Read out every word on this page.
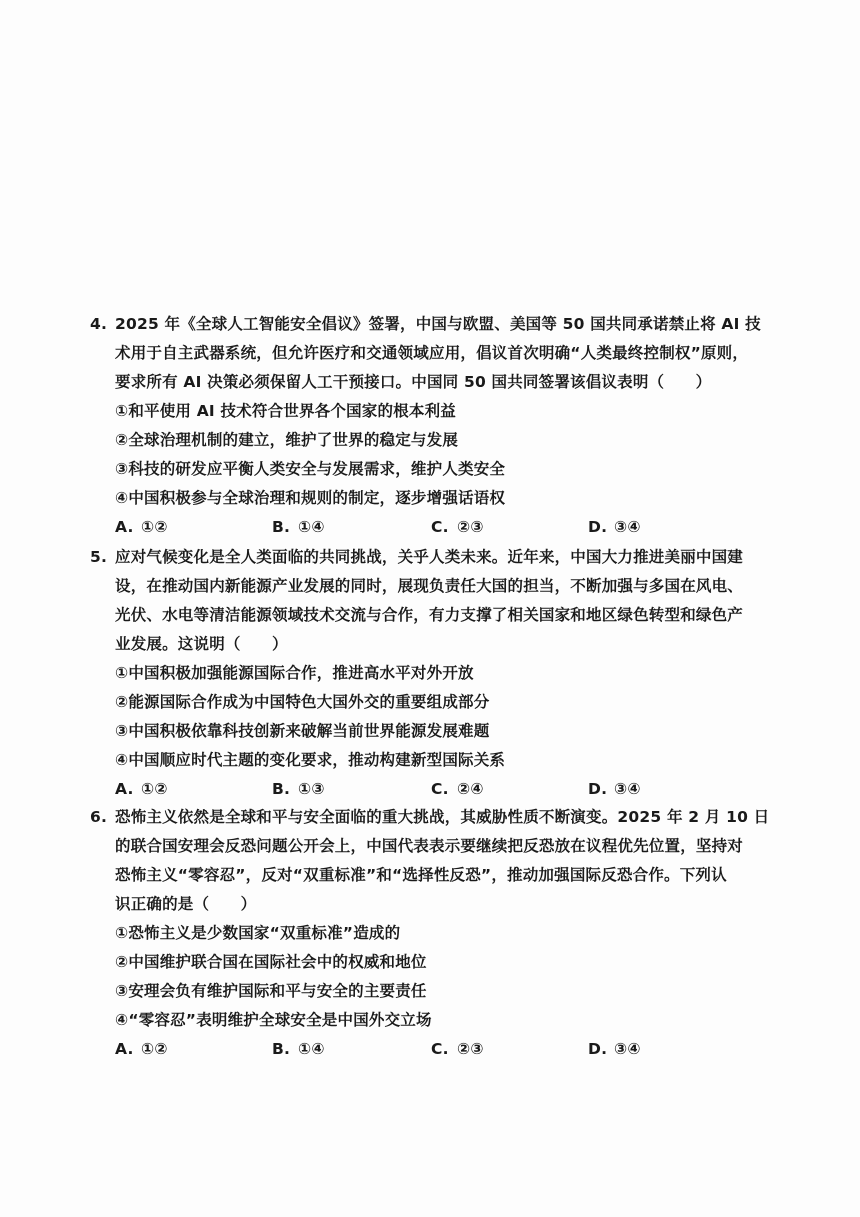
4. 2025 年《全球人工智能安全倡议》签署，中国与欧盟、美国等 50 国共同承诺禁止将 AI 技
术用于自主武器系统，但允许医疗和交通领域应用，倡议首次明确“人类最终控制权”原则，
要求所有 AI 决策必须保留人工干预接口。中国同 50 国共同签署该倡议表明（　　）
①和平使用 AI 技术符合世界各个国家的根本利益
②全球治理机制的建立，维护了世界的稳定与发展
③科技的研发应平衡人类安全与发展需求，维护人类安全
④中国积极参与全球治理和规则的制定，逐步增强话语权
A. ①②	B. ①④	C. ②③	D. ③④
5. 应对气候变化是全人类面临的共同挑战，关乎人类未来。近年来，中国大力推进美丽中国建
设，在推动国内新能源产业发展的同时，展现负责任大国的担当，不断加强与多国在风电、
光伏、水电等清洁能源领域技术交流与合作，有力支撑了相关国家和地区绿色转型和绿色产
业发展。这说明（　　）
①中国积极加强能源国际合作，推进高水平对外开放
②能源国际合作成为中国特色大国外交的重要组成部分
③中国积极依靠科技创新来破解当前世界能源发展难题
④中国顺应时代主题的变化要求，推动构建新型国际关系
A. ①②	B. ①③	C. ②④	D. ③④
6. 恐怖主义依然是全球和平与安全面临的重大挑战，其威胁性质不断演变。2025 年 2 月 10 日
的联合国安理会反恐问题公开会上，中国代表表示要继续把反恐放在议程优先位置，坚持对
恐怖主义“零容忍”，反对“双重标准”和“选择性反恐”，推动加强国际反恐合作。下列认
识正确的是（　　）
①恐怖主义是少数国家“双重标准”造成的
②中国维护联合国在国际社会中的权威和地位
③安理会负有维护国际和平与安全的主要责任
④“零容忍”表明维护全球安全是中国外交立场
A. ①②	B. ①④	C. ②③	D. ③④
